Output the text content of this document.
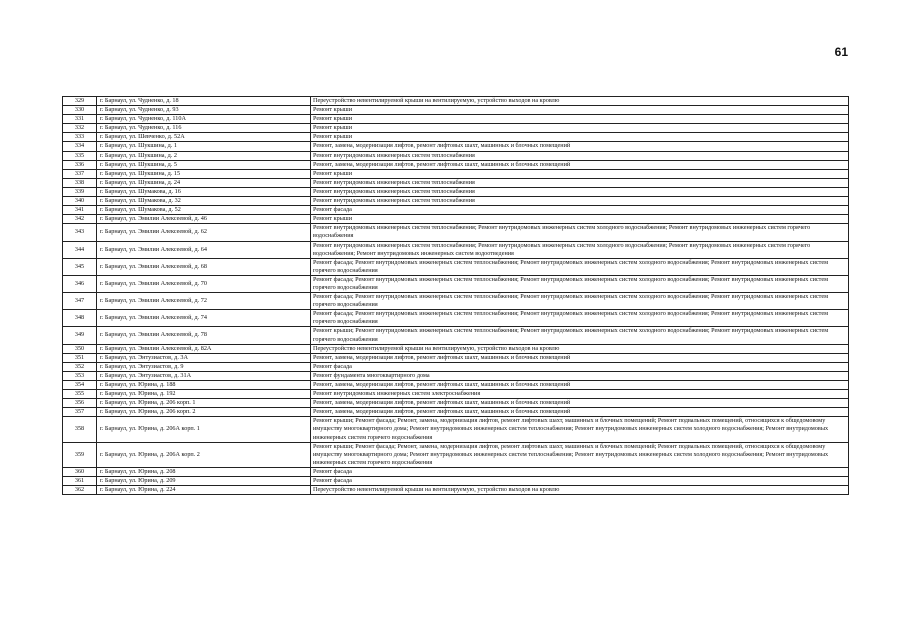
61
329	г. Барнаул, ул. Чудненко, д. 18	Переустройство невентилируемой крыши на вентилируемую, устройство выходов на кровлю
330	г. Барнаул, ул. Чудненко, д. 93	Ремонт крыши
331	г. Барнаул, ул. Чудненко, д. 110А	Ремонт крыши
332	г. Барнаул, ул. Чудненко, д. 116	Ремонт крыши
333	г. Барнаул, ул. Шевченко, д. 52А	Ремонт крыши
334	г. Барнаул, ул. Шукшина, д. 1	Ремонт, замена, модернизация лифтов, ремонт лифтовых шахт, машинных и блочных помещений
335	г. Барнаул, ул. Шукшина, д. 2	Ремонт внутридомовых инженерных систем теплоснабжения
336	г. Барнаул, ул. Шукшина, д. 5	Ремонт, замена, модернизация лифтов, ремонт лифтовых шахт, машинных и блочных помещений
337	г. Барнаул, ул. Шукшина, д. 15	Ремонт крыши
338	г. Барнаул, ул. Шукшина, д. 24	Ремонт внутридомовых инженерных систем теплоснабжения
339	г. Барнаул, ул. Шумакова, д. 16	Ремонт внутридомовых инженерных систем теплоснабжения
340	г. Барнаул, ул. Шумакова, д. 32	Ремонт внутридомовых инженерных систем теплоснабжения
341	г. Барнаул, ул. Шумакова, д. 52	Ремонт фасада
342	г. Барнаул, ул. Эмилии Алексеевой, д. 46	Ремонт крыши
343	г. Барнаул, ул. Эмилии Алексеевой, д. 62	Ремонт внутридомовых инженерных систем теплоснабжения; Ремонт внутридомовых инженерных систем холодного водоснабжения; Ремонт внутридомовых инженерных систем горячего водоснабжения
344	г. Барнаул, ул. Эмилии Алексеевой, д. 64	Ремонт внутридомовых инженерных систем теплоснабжения; Ремонт внутридомовых инженерных систем холодного водоснабжения; Ремонт внутридомовых инженерных систем горячего водоснабжения; Ремонт внутридомовых инженерных систем водоотведения
345	г. Барнаул, ул. Эмилии Алексеевой, д. 68	Ремонт фасада; Ремонт внутридомовых инженерных систем теплоснабжения; Ремонт внутридомовых инженерных систем холодного водоснабжения; Ремонт внутридомовых инженерных систем горячего водоснабжения
346	г. Барнаул, ул. Эмилии Алексеевой, д. 70	Ремонт фасада; Ремонт внутридомовых инженерных систем теплоснабжения; Ремонт внутридомовых инженерных систем холодного водоснабжения; Ремонт внутридомовых инженерных систем горячего водоснабжения
347	г. Барнаул, ул. Эмилии Алексеевой, д. 72	Ремонт фасада; Ремонт внутридомовых инженерных систем теплоснабжения; Ремонт внутридомовых инженерных систем холодного водоснабжения; Ремонт внутридомовых инженерных систем горячего водоснабжения
348	г. Барнаул, ул. Эмилии Алексеевой, д. 74	Ремонт фасада; Ремонт внутридомовых инженерных систем теплоснабжения; Ремонт внутридомовых инженерных систем холодного водоснабжения; Ремонт внутридомовых инженерных систем горячего водоснабжения
349	г. Барнаул, ул. Эмилии Алексеевой, д. 78	Ремонт крыши; Ремонт внутридомовых инженерных систем теплоснабжения; Ремонт внутридомовых инженерных систем холодного водоснабжения; Ремонт внутридомовых инженерных систем горячего водоснабжения
350	г. Барнаул, ул. Эмилии Алексеевой, д. 82А	Переустройство невентилируемой крыши на вентилируемую, устройство выходов на кровлю
351	г. Барнаул, ул. Энтузиастов, д. 3А	Ремонт, замена, модернизация лифтов, ремонт лифтовых шахт, машинных и блочных помещений
352	г. Барнаул, ул. Энтузиастов, д. 9	Ремонт фасада
353	г. Барнаул, ул. Энтузиастов, д. 31А	Ремонт фундамента многоквартирного дома
354	г. Барнаул, ул. Юрина, д. 188	Ремонт, замена, модернизация лифтов, ремонт лифтовых шахт, машинных и блочных помещений
355	г. Барнаул, ул. Юрина, д. 192	Ремонт внутридомовых инженерных систем электроснабжения
356	г. Барнаул, ул. Юрина, д. 206 корп. 1	Ремонт, замена, модернизация лифтов, ремонт лифтовых шахт, машинных и блочных помещений
357	г. Барнаул, ул. Юрина, д. 206 корп. 2	Ремонт, замена, модернизация лифтов, ремонт лифтовых шахт, машинных и блочных помещений
358	г. Барнаул, ул. Юрина, д. 206А корп. 1	Ремонт крыши; Ремонт фасада; Ремонт, замена, модернизация лифтов, ремонт лифтовых шахт, машинных и блочных помещений; Ремонт подвальных помещений, относящихся к общедомовому имуществу многоквартирного дома; Ремонт внутридомовых инженерных систем теплоснабжения; Ремонт внутридомовых инженерных систем холодного водоснабжения; Ремонт внутридомовых инженерных систем горячего водоснабжения
359	г. Барнаул, ул. Юрина, д. 206А корп. 2	Ремонт крыши; Ремонт фасада; Ремонт, замена, модернизация лифтов, ремонт лифтовых шахт, машинных и блочных помещений; Ремонт подвальных помещений, относящихся к общедомовому имуществу многоквартирного дома; Ремонт внутридомовых инженерных систем теплоснабжения; Ремонт внутридомовых инженерных систем холодного водоснабжения; Ремонт внутридомовых инженерных систем горячего водоснабжения
360	г. Барнаул, ул. Юрина, д. 208	Ремонт фасада
361	г. Барнаул, ул. Юрина, д. 209	Ремонт фасада
362	г. Барнаул, ул. Юрина, д. 224	Переустройство невентилируемой крыши на вентилируемую, устройство выходов на кровлю
